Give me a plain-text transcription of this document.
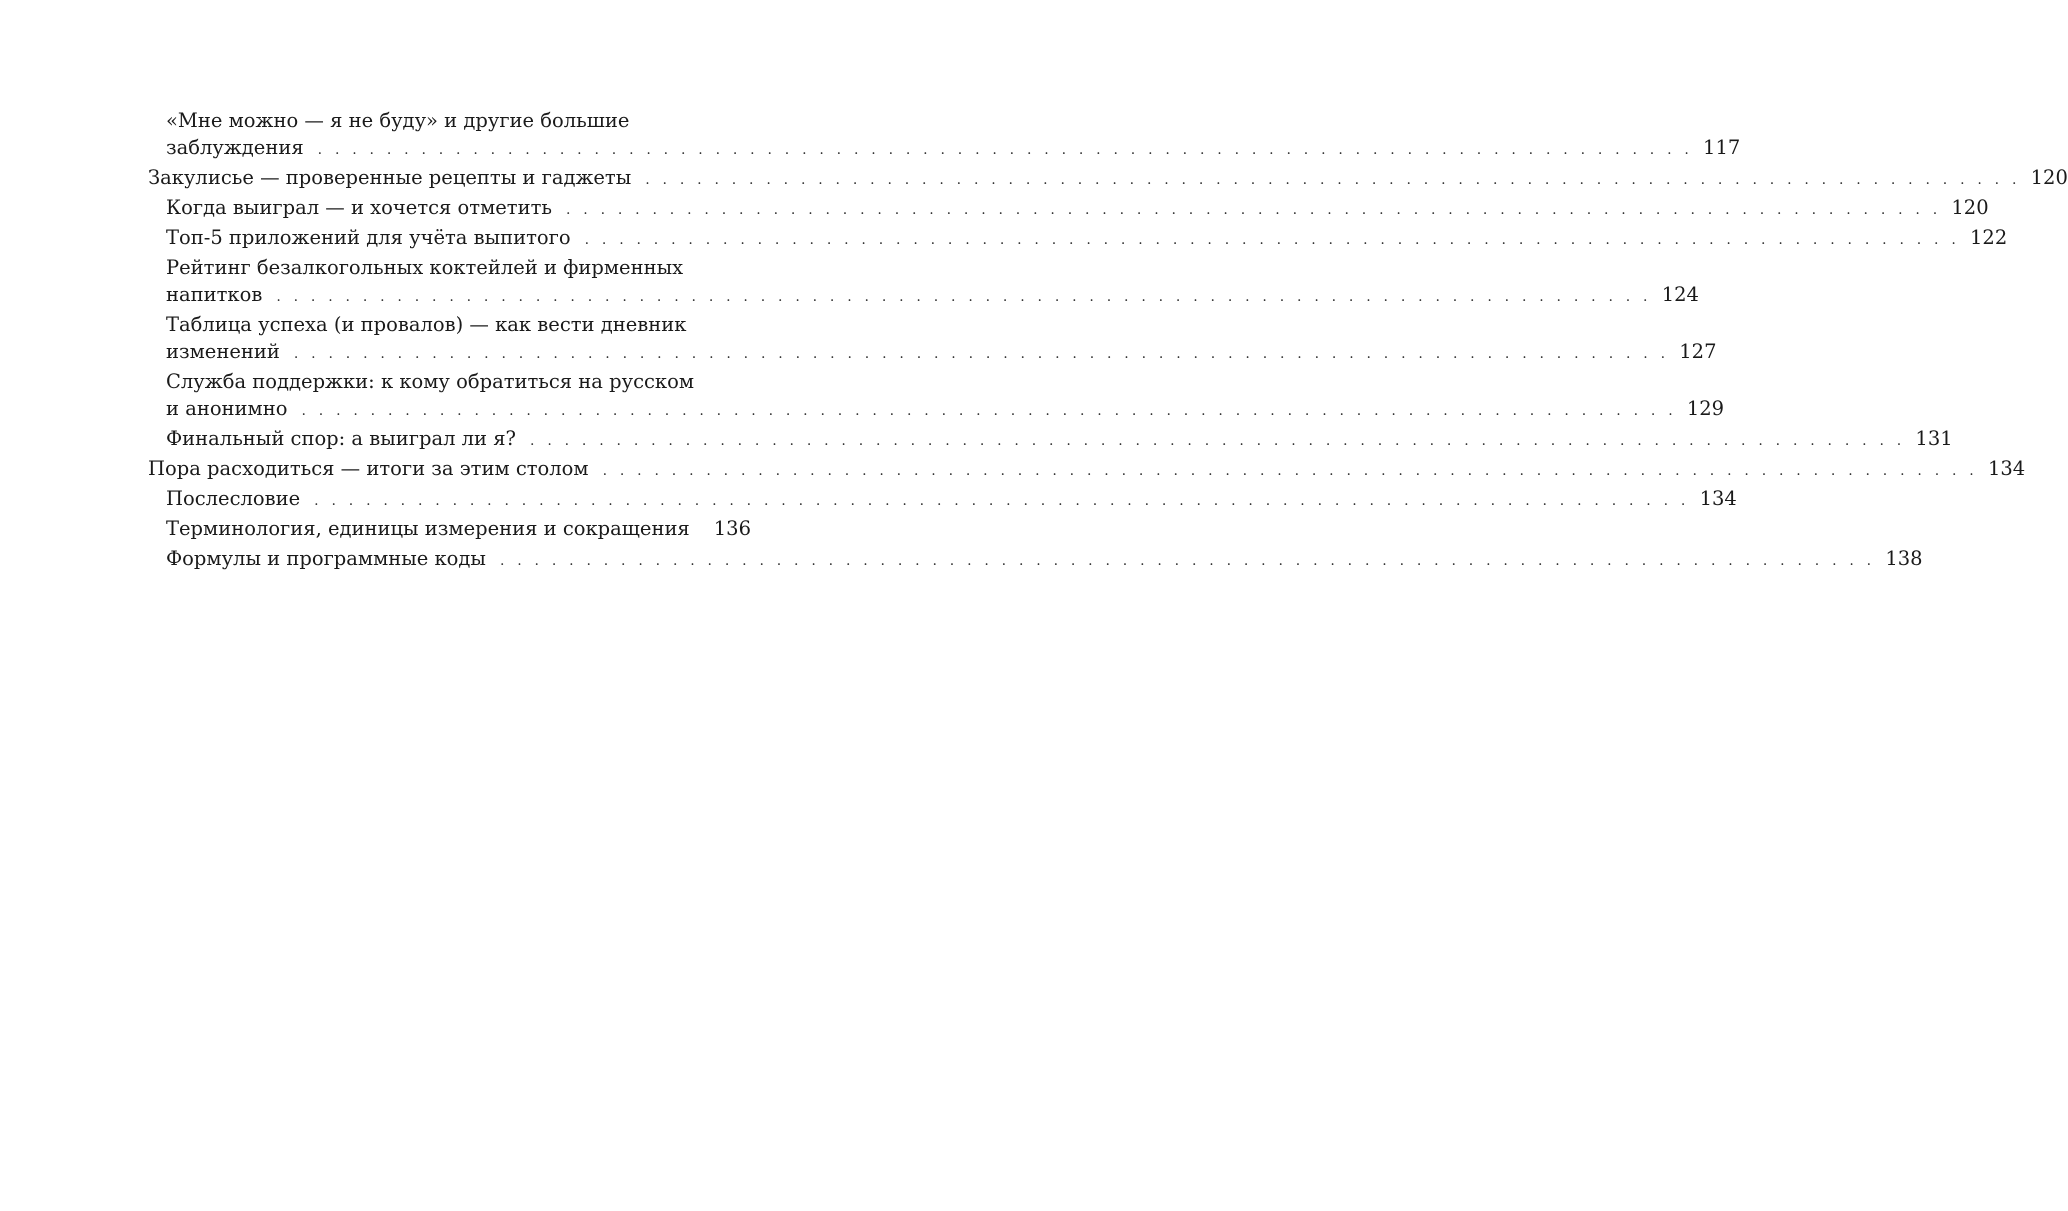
«Мне можно — я не буду» и другие большие
заблуждения . . . . . . . . . . . . . . . . . . . . . . . . . . . . . . . . . . . . . . . . . . . . . . . . . . . . . . . . . . . . . . . . . . . . . . . . . . . . . . . . 117
Закулисье — проверенные рецепты и гаджеты . . . . . . . . . . . . . . . . . . . . . . . . . . . . . . . . . . . . . . . . . . . . . . . . . . . . . . . . . . . . . . . . . . . . . . . . . . . . . . . . 120
Когда выиграл — и хочется отметить . . . . . . . . . . . . . . . . . . . . . . . . . . . . . . . . . . . . . . . . . . . . . . . . . . . . . . . . . . . . . . . . . . . . . . . . . . . . . . . . 120
Топ-5 приложений для учёта выпитого . . . . . . . . . . . . . . . . . . . . . . . . . . . . . . . . . . . . . . . . . . . . . . . . . . . . . . . . . . . . . . . . . . . . . . . . . . . . . . . . 122
Рейтинг безалкогольных коктейлей и фирменных
напитков . . . . . . . . . . . . . . . . . . . . . . . . . . . . . . . . . . . . . . . . . . . . . . . . . . . . . . . . . . . . . . . . . . . . . . . . . . . . . . . . 124
Таблица успеха (и провалов) — как вести дневник
изменений . . . . . . . . . . . . . . . . . . . . . . . . . . . . . . . . . . . . . . . . . . . . . . . . . . . . . . . . . . . . . . . . . . . . . . . . . . . . . . . . 127
Служба поддержки: к кому обратиться на русском
и анонимно . . . . . . . . . . . . . . . . . . . . . . . . . . . . . . . . . . . . . . . . . . . . . . . . . . . . . . . . . . . . . . . . . . . . . . . . . . . . . . . . 129
Финальный спор: а выиграл ли я? . . . . . . . . . . . . . . . . . . . . . . . . . . . . . . . . . . . . . . . . . . . . . . . . . . . . . . . . . . . . . . . . . . . . . . . . . . . . . . . . 131
Пора расходиться — итоги за этим столом . . . . . . . . . . . . . . . . . . . . . . . . . . . . . . . . . . . . . . . . . . . . . . . . . . . . . . . . . . . . . . . . . . . . . . . . . . . . . . . . 134
Послесловие . . . . . . . . . . . . . . . . . . . . . . . . . . . . . . . . . . . . . . . . . . . . . . . . . . . . . . . . . . . . . . . . . . . . . . . . . . . . . . . . 134
Терминология, единицы измерения и сокращения 136
Формулы и программные коды . . . . . . . . . . . . . . . . . . . . . . . . . . . . . . . . . . . . . . . . . . . . . . . . . . . . . . . . . . . . . . . . . . . . . . . . . . . . . . . . 138
